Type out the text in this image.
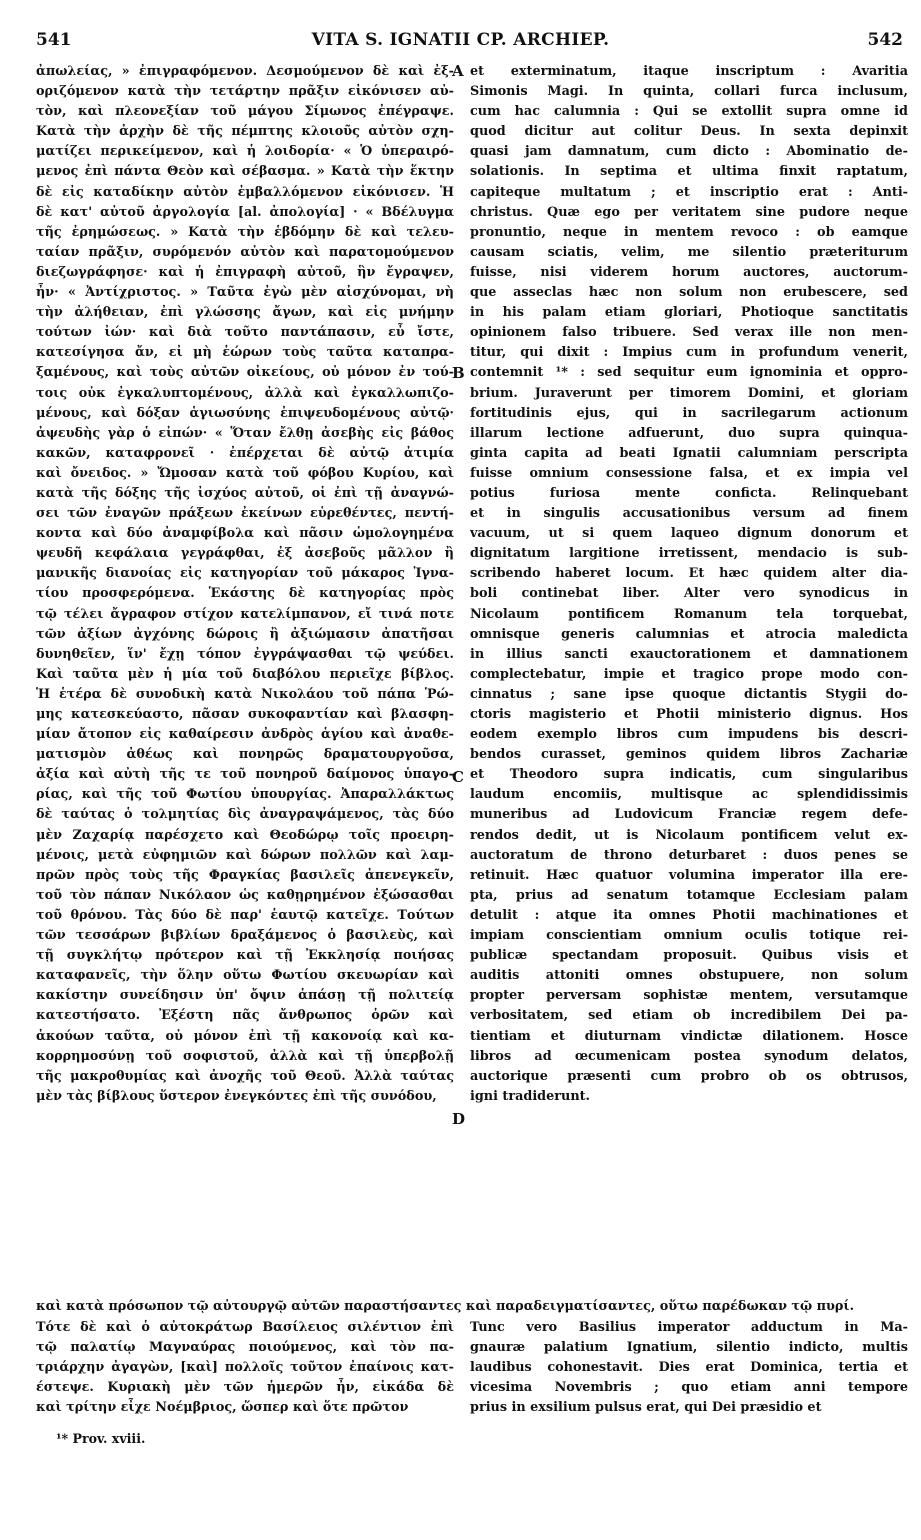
541	VITA S. IGNATII CP. ARCHIEP.	542
ἀπωλείας, » ἐπιγραφόμενον. Δεσμούμενον δὲ καὶ ἐξ-
οριζόμενον κατὰ τὴν τετάρτην πρᾶξιν εἰκόνισεν αὐ-
τὸν, καὶ πλεονεξίαν τοῦ μάγου Σίμωνος ἐπέγραψε.
Κατὰ τὴν ἀρχὴν δὲ τῆς πέμπτης κλοιοῦς αὐτὸν σχη-
ματίζει περικείμενον, καὶ ἡ λοιδορία· « Ὁ ὑπεραιρό-
μενος ἐπὶ πάντα Θεὸν καὶ σέβασμα. » Κατὰ τὴν ἕκτην
δὲ εἰς καταδίκην αὐτὸν ἐμβαλλόμενον εἰκόνισεν. Ἡ
δὲ κατ' αὐτοῦ ἀργολογία [al. ἀπολογία] · « Βδέλυγμα
τῆς ἐρημώσεως. » Κατὰ τὴν ἑβδόμην δὲ καὶ τελευ-
ταίαν πρᾶξιν, συρόμενόν αὐτὸν καὶ παρατομούμενον
διεζωγράφησε· καὶ ἡ ἐπιγραφὴ αὐτοῦ, ἣν ἔγραψεν,
ἦν· « Ἀντίχριστος. » Ταῦτα ἐγὼ μὲν αἰσχύνομαι, νὴ
τὴν ἀλήθειαν, ἐπὶ γλώσσης ἄγων, καὶ εἰς μνήμην
τούτων ἰών· καὶ διὰ τοῦτο παντάπασιν, εὖ ἴστε,
κατεσίγησα ἄν, εἰ μὴ ἑώρων τοὺς ταῦτα καταπρα-
ξαμένους, καὶ τοὺς αὐτῶν οἰκείους, οὐ μόνον ἐν τού-
τοις οὐκ ἐγκαλυπτομένους, ἀλλὰ καὶ ἐγκαλλωπιζο-
μένους, καὶ δόξαν ἁγιωσύνης ἐπιψευδομένους αὐτῷ·
ἀψευδὴς γὰρ ὁ εἰπών· « Ὅταν ἔλθῃ ἀσεβὴς εἰς βάθος
κακῶν, καταφρονεῖ · ἐπέρχεται δὲ αὐτῷ ἀτιμία
καὶ ὄνειδος. » Ὤμοσαν κατὰ τοῦ φόβου Κυρίου, καὶ
κατὰ τῆς δόξης τῆς ἰσχύος αὐτοῦ, οἱ ἐπὶ τῇ ἀναγνώ-
σει τῶν ἐναγῶν πράξεων ἐκείνων εὑρεθέντες, πεντή-
κοντα καὶ δύο ἀναμφίβολα καὶ πᾶσιν ὡμολογημένα
ψευδῆ κεφάλαια γεγράφθαι, ἐξ ἀσεβοῦς μᾶλλον ἢ
μανικῆς διανοίας εἰς κατηγορίαν τοῦ μάκαρος Ἰγνα-
τίου προσφερόμενα. Ἑκάστης δὲ κατηγορίας πρὸς
τῷ τέλει ἄγραφον στίχον κατελίμπανον, εἴ τινά ποτε
τῶν ἀξίων ἀγχόνης δώροις ἢ ἀξιώμασιν ἀπατῆσαι
δυνηθεῖεν, ἵν' ἔχῃ τόπον ἐγγράψασθαι τῷ ψεύδει.
Καὶ ταῦτα μὲν ἡ μία τοῦ διαβόλου περιεῖχε βίβλος.
Ἡ ἑτέρα δὲ συνοδικὴ κατὰ Νικολάου τοῦ πάπα Ῥώ-
μης κατεσκεύαστο, πᾶσαν συκοφαντίαν καὶ βλασφη-
μίαν ἄτοπον εἰς καθαίρεσιν ἀνδρὸς ἁγίου καὶ ἀναθε-
ματισμὸν ἀθέως καὶ πονηρῶς δραματουργοῦσα,
ἀξία καὶ αὐτὴ τῆς τε τοῦ πονηροῦ δαίμονος ὑπαγο-
ρίας, καὶ τῆς τοῦ Φωτίου ὑπουργίας. Ἀπαραλλάκτως
δὲ ταύτας ὁ τολμητίας δὶς ἀναγραψάμενος, τὰς δύο
μὲν Ζαχαρίᾳ παρέσχετο καὶ Θεοδώρῳ τοῖς προειρη-
μένοις, μετὰ εὐφημιῶν καὶ δώρων πολλῶν καὶ λαμ-
πρῶν πρὸς τοὺς τῆς Φραγκίας βασιλεῖς ἀπενεγκεῖν,
τοῦ τὸν πάπαν Νικόλαον ὡς καθῃρημένον ἐξώσασθαι
τοῦ θρόνου. Τὰς δύο δὲ παρ' ἑαυτῷ κατεῖχε. Τούτων
τῶν τεσσάρων βιβλίων δραξάμενος ὁ βασιλεὺς, καὶ
τῇ συγκλήτῳ πρότερον καὶ τῇ Ἐκκλησίᾳ ποιήσας
καταφανεῖς, τὴν ὅλην οὕτω Φωτίου σκευωρίαν καὶ
κακίστην συνείδησιν ὑπ' ὄψιν ἁπάσῃ τῇ πολιτείᾳ
κατεστήσατο. Ἐξέστη πᾶς ἄνθρωπος ὁρῶν καὶ
ἀκούων ταῦτα, οὐ μόνον ἐπὶ τῇ κακονοίᾳ καὶ κα-
κορρημοσύνῃ τοῦ σοφιστοῦ, ἀλλὰ καὶ τῇ ὑπερβολῇ
τῆς μακροθυμίας καὶ ἀνοχῆς τοῦ Θεοῦ. Ἀλλὰ ταύτας
μὲν τὰς βίβλους ὕστερον ἐνεγκόντες ἐπὶ τῆς συνόδου,
et exterminatum, itaque inscriptum : Avaritia
Simonis Magi. In quinta, collari furca inclusum,
cum hac calumnia : Qui se extollit supra omne id
quod dicitur aut colitur Deus. In sexta depinxit
quasi jam damnatum, cum dicto : Abominatio de-
solationis. In septima et ultima finxit raptatum,
capiteque multatum ; et inscriptio erat : Anti-
christus. Quæ ego per veritatem sine pudore neque
pronuntio, neque in mentem revoco : ob eamque
causam sciatis, velim, me silentio præteriturum
fuisse, nisi viderem horum auctores, auctorum-
que asseclas hæc non solum non erubescere, sed
in his palam etiam gloriari, Photioque sanctitatis
opinionem falso tribuere. Sed verax ille non men-
titur, qui dixit : Impius cum in profundum venerit,
contemnit ¹* : sed sequitur eum ignominia et oppro-
brium. Juraverunt per timorem Domini, et gloriam
fortitudinis ejus, qui in sacrilegarum actionum
illarum lectione adfuerunt, duo supra quinqua-
ginta capita ad beati Ignatii calumniam perscripta
fuisse omnium consessione falsa, et ex impia vel
potius furiosa mente conficta. Relinquebant
et in singulis accusationibus versum ad finem
vacuum, ut si quem laqueo dignum donorum et
dignitatum largitione irretissent, mendacio is sub-
scribendo haberet locum. Et hæc quidem alter dia-
boli continebat liber. Alter vero synodicus in
Nicolaum pontificem Romanum tela torquebat,
omnisque generis calumnias et atrocia maledicta
in illius sancti exauctorationem et damnationem
complectebatur, impie et tragico prope modo con-
cinnatus ; sane ipse quoque dictantis Stygii do-
ctoris magisterio et Photii ministerio dignus. Hos
eodem exemplo libros cum impudens bis descri-
bendos curasset, geminos quidem libros Zachariæ
et Theodoro supra indicatis, cum singularibus
laudum encomiis, multisque ac splendidissimis
muneribus ad Ludovicum Franciæ regem defe-
rendos dedit, ut is Nicolaum pontificem velut ex-
auctoratum de throno deturbaret : duos penes se
retinuit. Hæc quatuor volumina imperator illa ere-
pta, prius ad senatum totamque Ecclesiam palam
detulit : atque ita omnes Photii machinationes et
impiam conscientiam omnium oculis totique rei-
publicæ spectandam proposuit. Quibus visis et
auditis attoniti omnes obstupuere, non solum
propter perversam sophistæ mentem, versutamque
verbositatem, sed etiam ob incredibilem Dei pa-
tientiam et diuturnam vindictæ dilationem. Hosce
libros ad œcumenicam postea synodum delatos,
auctorique præsenti cum probro ob os obtrusos,
igni tradiderunt.
A
B
C
D
καὶ κατὰ πρόσωπον τῷ αὐτουργῷ αὐτῶν παραστήσαντες καὶ παραδειγματίσαντες, οὕτω παρέδωκαν τῷ πυρί.
Τότε δὲ καὶ ὁ αὐτοκράτωρ Βασίλειος σιλέντιον ἐπὶ
τῷ παλατίῳ Μαγναύρας ποιούμενος, καὶ τὸν πα-
τριάρχην ἀγαγὼν, [καὶ] πολλοῖς τοῦτον ἐπαίνοις κατ-
έστεψε. Κυριακὴ μὲν τῶν ἡμερῶν ἦν, εἰκάδα δὲ
καὶ τρίτην εἶχε Νοέμβριος, ὥσπερ καὶ ὅτε πρῶτον
Tunc vero Basilius imperator adductum in Ma-
gnauræ palatium Ignatium, silentio indicto, multis
laudibus cohonestavit. Dies erat Dominica, tertia et
vicesima Novembris ; quo etiam anni tempore
prius in exsilium pulsus erat, qui Dei præsidio et
¹* Prov. xviii.
